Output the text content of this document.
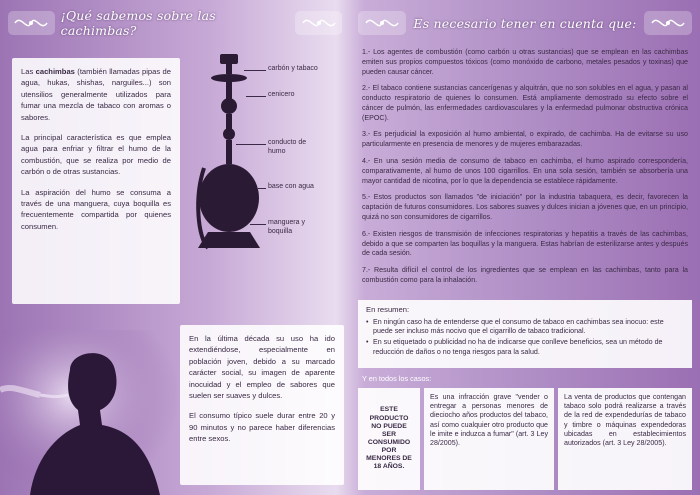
¡Qué sabemos sobre las cachimbas?

Las cachimbas (también llamadas pipas de agua, hukas, shishas, narguiles...) son utensilios generalmente utilizados para fumar una mezcla de tabaco con aromas o sabores.

La principal característica es que emplea agua para enfriar y filtrar el humo de la combustión, que se realiza por medio de carbón o de otras sustancias.

La aspiración del humo se consuma a través de una manguera, cuya boquilla es frecuentemente compartida por quienes consumen.

carbón y tabaco
cenicero
conducto de humo
base con agua
manguera y boquilla

En la última década su uso ha ido extendiéndose, especialmente en población joven, debido a su marcado carácter social, su imagen de aparente inocuidad y el empleo de sabores que suelen ser suaves y dulces.

El consumo típico suele durar entre 20 y 90 minutos y no parece haber diferencias entre sexos.

Es necesario tener en cuenta que:

1.- Los agentes de combustión (como carbón u otras sustancias) que se emplean en las cachimbas emiten sus propios compuestos tóxicos (como monóxido de carbono, metales pesados y toxinas) que pueden causar cáncer.

2.- El tabaco contiene sustancias cancerígenas y alquitrán, que no son solubles en el agua, y pasan al conducto respiratorio de quienes lo consumen. Está ampliamente demostrado su efecto sobre el cáncer de pulmón, las enfermedades cardiovasculares y la enfermedad pulmonar obstructiva crónica (EPOC).

3.- Es perjudicial la exposición al humo ambiental, o expirado, de cachimba. Ha de evitarse su uso particularmente en presencia de menores y de mujeres embarazadas.

4.- En una sesión media de consumo de tabaco en cachimba, el humo aspirado correspondería, comparativamente, al humo de unos 100 cigarrillos. En una sola sesión, también se absorbería una mayor cantidad de nicotina, por lo que la dependencia se establece rápidamente.

5.- Estos productos son llamados "de iniciación" por la industria tabaquera, es decir, favorecen la captación de futuros consumidores. Los sabores suaves y dulces inician a jóvenes que, en un principio, quizá no son consumidores de cigarrillos.

6.- Existen riesgos de transmisión de infecciones respiratorias y hepatitis a través de las cachimbas, debido a que se comparten las boquillas y la manguera. Estas habrían de esterilizarse antes y después de cada sesión.

7.- Resulta difícil el control de los ingredientes que se emplean en las cachimbas, tanto para la combustión como para la inhalación.

En resumen:
• En ningún caso ha de entenderse que el consumo de tabaco en cachimbas sea inocuo: este puede ser incluso más nocivo que el cigarrillo de tabaco tradicional.
• En su etiquetado o publicidad no ha de indicarse que conlleve beneficios, sea un método de reducción de daños o no tenga riesgos para la salud.
Y en todos los casos:
ESTE PRODUCTO NO PUEDE SER CONSUMIDO POR MENORES DE 18 AÑOS.
Es una infracción grave "vender o entregar a personas menores de dieciocho años productos del tabaco, así como cualquier otro producto que le imite e induzca a fumar" (art. 3 Ley 28/2005).
La venta de productos que contengan tabaco solo podrá realizarse a través de la red de expendedurías de tabaco y timbre o máquinas expendedoras ubicadas en establecimientos autorizados (art. 3 Ley 28/2005).
